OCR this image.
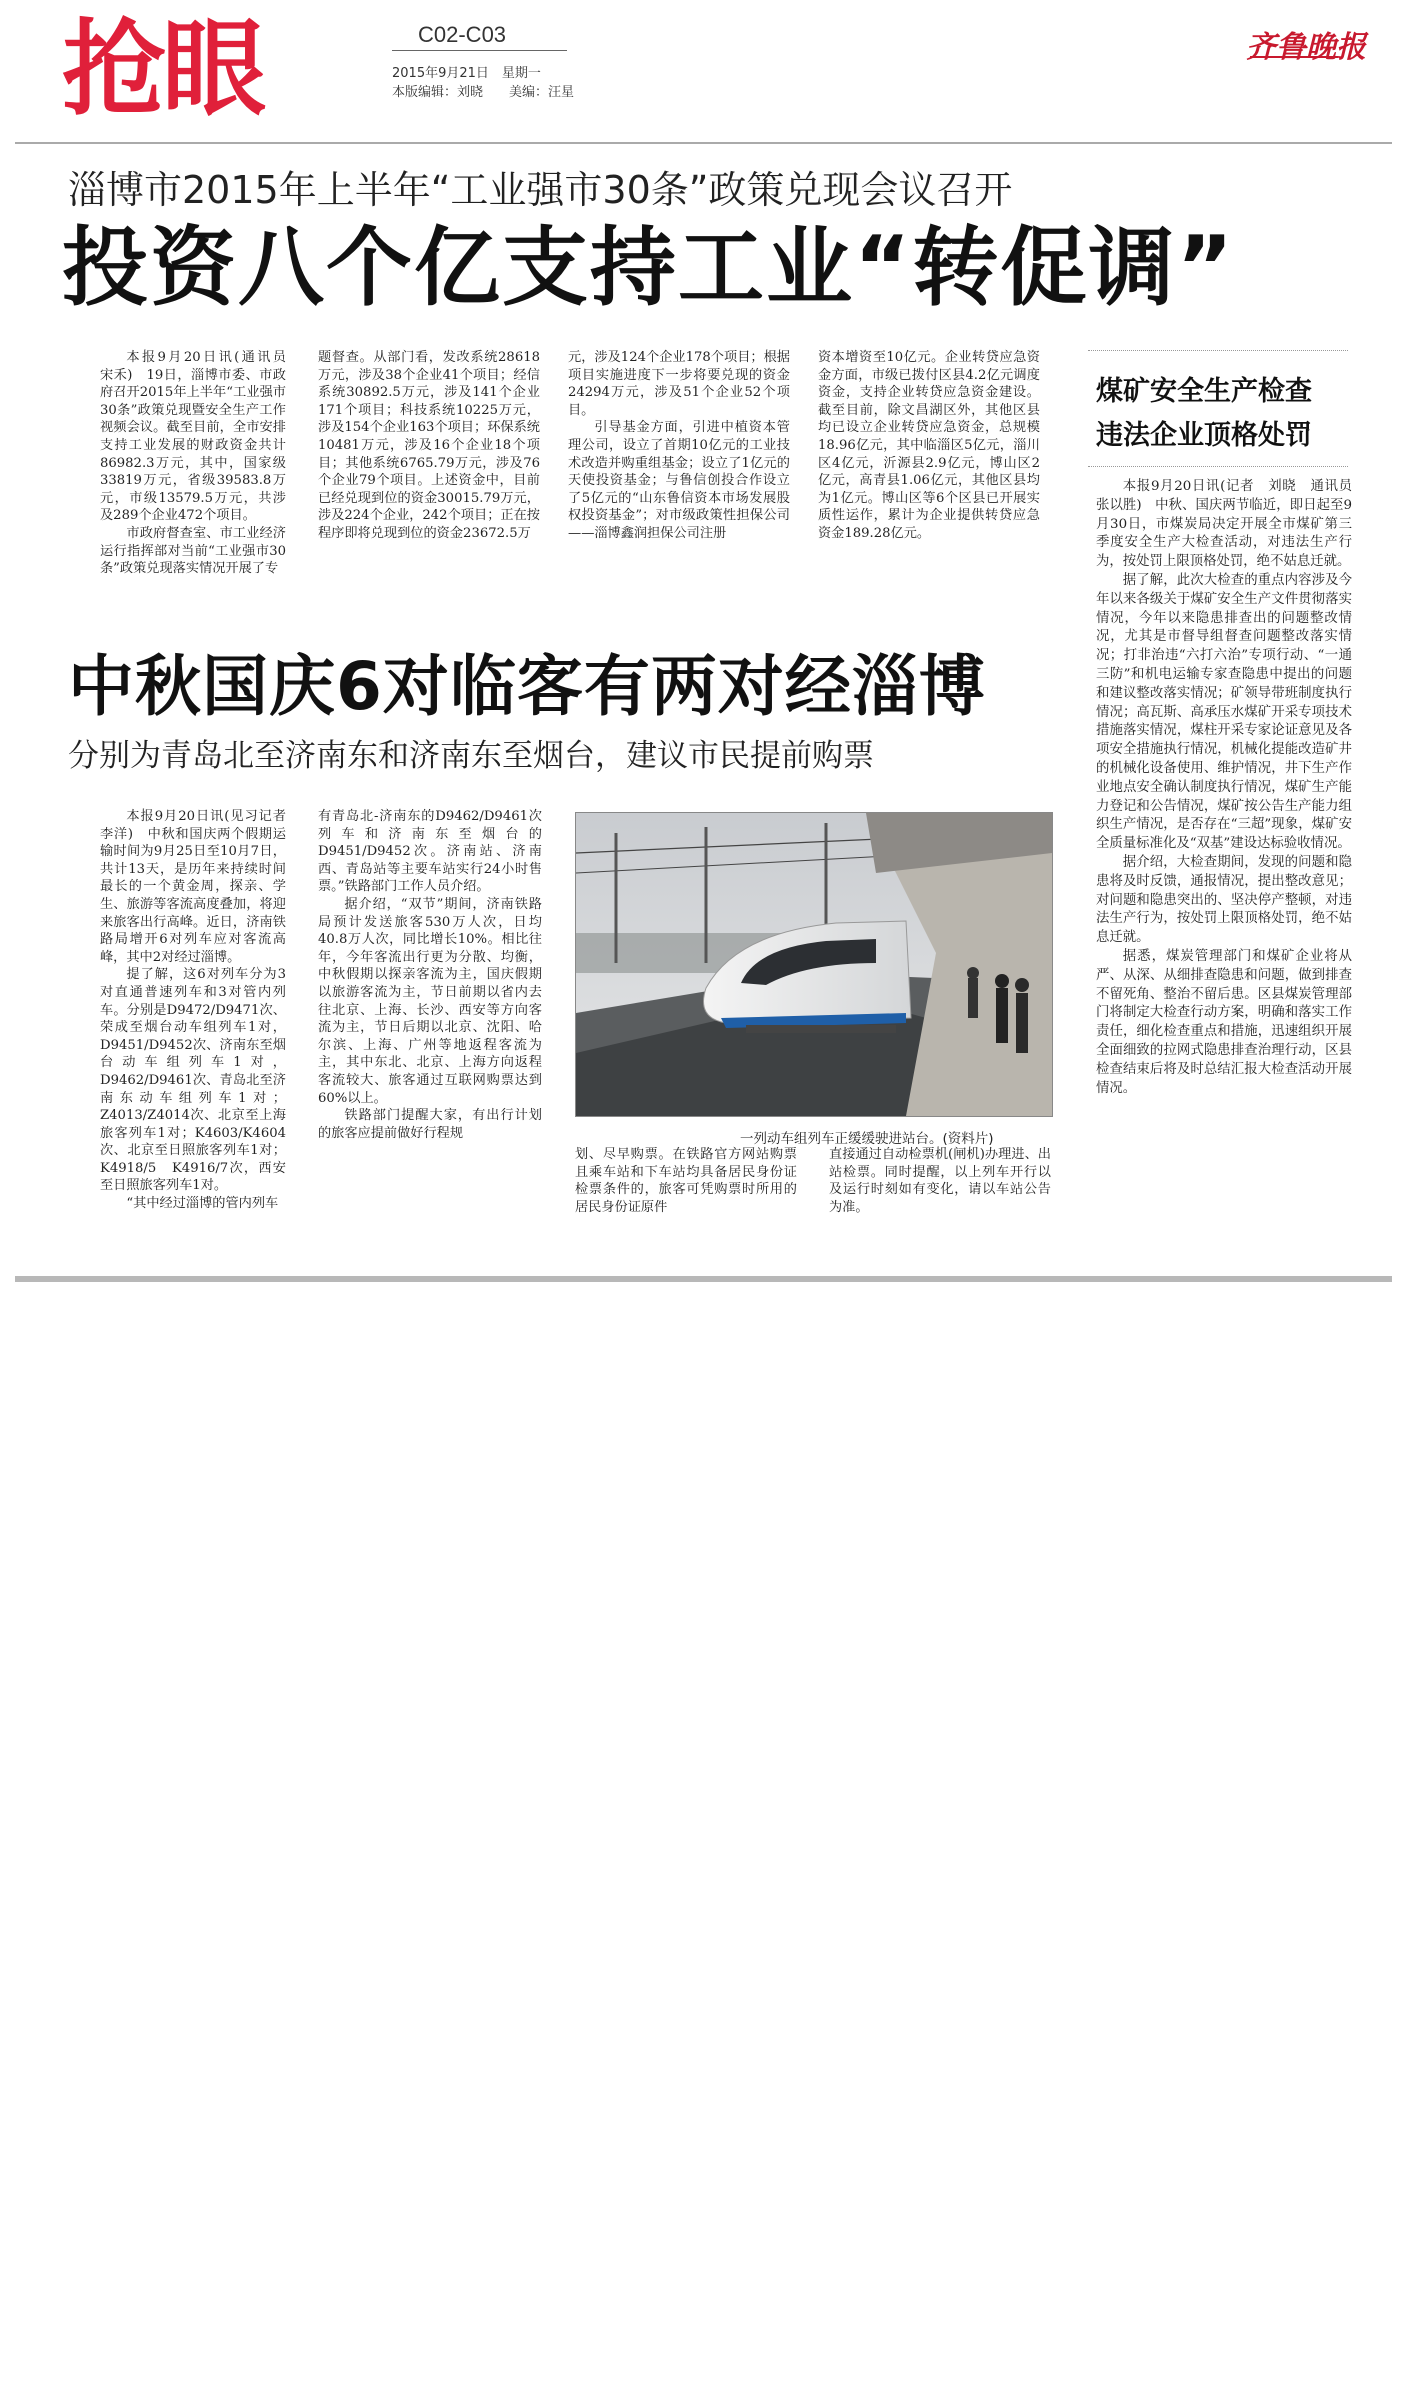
抢眼	C02-C03
2015年9月21日　星期一
本版编辑：刘晓　　美编：汪星
齐鲁晚报
淄博市2015年上半年“工业强市30条”政策兑现会议召开
投资八个亿支持工业“转促调”

本报9月20日讯(通讯员　宋禾)　19日，淄博市委、市政府召开2015年上半年“工业强市30条”政策兑现暨安全生产工作视频会议。截至目前，全市安排支持工业发展的财政资金共计86982.3万元，其中，国家级33819万元，省级39583.8万元，市级13579.5万元，共涉及289个企业472个项目。

市政府督查室、市工业经济运行指挥部对当前“工业强市30条”政策兑现落实情况开展了专

题督查。从部门看，发改系统28618万元，涉及38个企业41个项目；经信系统30892.5万元，涉及141个企业171个项目；科技系统10225万元，涉及154个企业163个项目；环保系统10481万元，涉及16个企业18个项目；其他系统6765.79万元，涉及76个企业79个项目。上述资金中，目前已经兑现到位的资金30015.79万元，涉及224个企业，242个项目；正在按程序即将兑现到位的资金23672.5万

元，涉及124个企业178个项目；根据项目实施进度下一步将要兑现的资金24294万元，涉及51个企业52个项目。

引导基金方面，引进中植资本管理公司，设立了首期10亿元的工业技术改造并购重组基金；设立了1亿元的天使投资基金；与鲁信创投合作设立了5亿元的“山东鲁信资本市场发展股权投资基金”；对市级政策性担保公司——淄博鑫润担保公司注册

资本增资至10亿元。企业转贷应急资金方面，市级已拨付区县4.2亿元调度资金，支持企业转贷应急资金建设。截至目前，除文昌湖区外，其他区县均已设立企业转贷应急资金，总规模18.96亿元，其中临淄区5亿元，淄川区4亿元，沂源县2.9亿元，博山区2亿元，高青县1.06亿元，其他区县均为1亿元。博山区等6个区县已开展实质性运作，累计为企业提供转贷应急资金189.28亿元。

中秋国庆6对临客有两对经淄博
分别为青岛北至济南东和济南东至烟台，建议市民提前购票

本报9月20日讯(见习记者　李洋)　中秋和国庆两个假期运输时间为9月25日至10月7日，共计13天，是历年来持续时间最长的一个黄金周，探亲、学生、旅游等客流高度叠加，将迎来旅客出行高峰。近日，济南铁路局增开6对列车应对客流高峰，其中2对经过淄博。

提了解，这6对列车分为3对直通普速列车和3对管内列车。分别是D9472/D9471次、荣成至烟台动车组列车1对，D9451/D9452次、济南东至烟台动车组列车1对，D9462/D9461次、青岛北至济南东动车组列车1对；Z4013/Z4014次、北京至上海旅客列车1对；K4603/K4604次、北京至日照旅客列车1对；K4918/5　K4916/7次，西安至日照旅客列车1对。

“其中经过淄博的管内列车

有青岛北-济南东的D9462/D9461次列车和济南东至烟台的D9451/D9452次。济南站、济南西、青岛站等主要车站实行24小时售票。”铁路部门工作人员介绍。

据介绍，“双节”期间，济南铁路局预计发送旅客530万人次，日均40.8万人次，同比增长10%。相比往年，今年客流出行更为分散、均衡，中秋假期以探亲客流为主，国庆假期以旅游客流为主，节日前期以省内去往北京、上海、长沙、西安等方向客流为主，节日后期以北京、沈阳、哈尔滨、上海、广州等地返程客流为主，其中东北、北京、上海方向返程客流较大、旅客通过互联网购票达到60%以上。

铁路部门提醒大家，有出行计划的旅客应提前做好行程规	一列动车组列车正缓缓驶进站台。(资料片)

划、尽早购票。在铁路官方网站购票且乘车站和下车站均具备居民身份证检票条件的，旅客可凭购票时所用的居民身份证原件

直接通过自动检票机(闸机)办理进、出站检票。同时提醒，以上列车开行以及运行时刻如有变化，请以车站公告为准。

煤矿安全生产检查
违法企业顶格处罚

本报9月20日讯(记者　刘晓　通讯员　张以胜)　中秋、国庆两节临近，即日起至9月30日，市煤炭局决定开展全市煤矿第三季度安全生产大检查活动，对违法生产行为，按处罚上限顶格处罚，绝不姑息迁就。

据了解，此次大检查的重点内容涉及今年以来各级关于煤矿安全生产文件贯彻落实情况，今年以来隐患排查出的问题整改情况，尤其是市督导组督查问题整改落实情况；打非治违“六打六治”专项行动、“一通三防”和机电运输专家查隐患中提出的问题和建议整改落实情况；矿领导带班制度执行情况；高瓦斯、高承压水煤矿开采专项技术措施落实情况，煤柱开采专家论证意见及各项安全措施执行情况，机械化提能改造矿井的机械化设备使用、维护情况，井下生产作业地点安全确认制度执行情况，煤矿生产能力登记和公告情况，煤矿按公告生产能力组织生产情况，是否存在“三超”现象，煤矿安全质量标准化及“双基”建设达标验收情况。

据介绍，大检查期间，发现的问题和隐患将及时反馈，通报情况，提出整改意见；对问题和隐患突出的、坚决停产整顿，对违法生产行为，按处罚上限顶格处罚，绝不姑息迁就。

据悉，煤炭管理部门和煤矿企业将从严、从深、从细排查隐患和问题，做到排查不留死角、整治不留后患。区县煤炭管理部门将制定大检查行动方案，明确和落实工作责任，细化检查重点和措施，迅速组织开展全面细致的拉网式隐患排查治理行动，区县检查结束后将及时总结汇报大检查活动开展情况。
